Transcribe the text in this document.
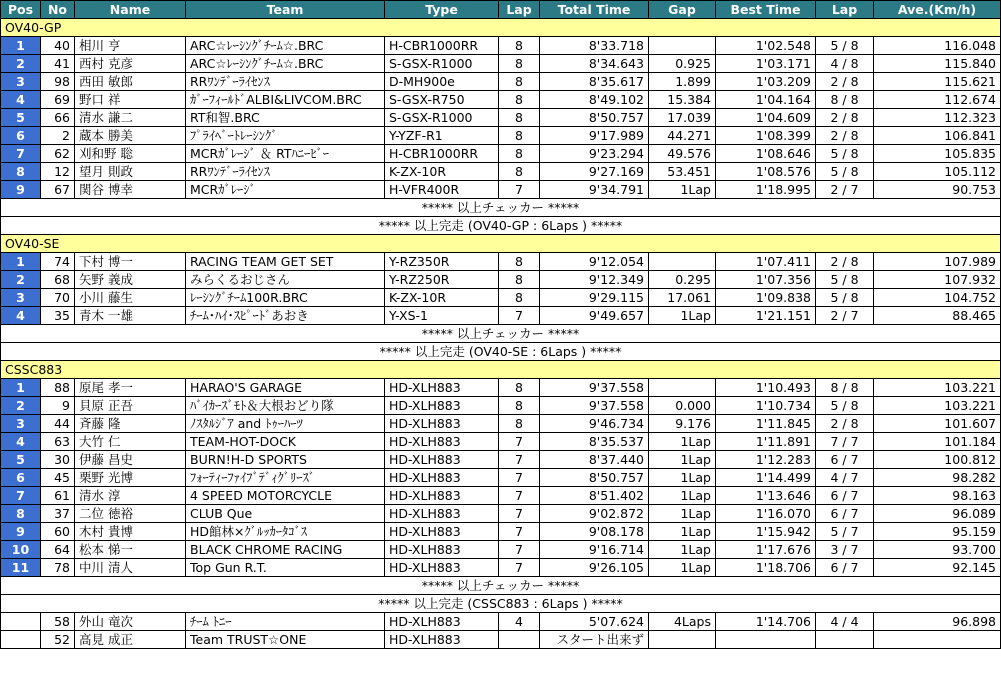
Pos	No	Name	Team	Type	Lap	Total Time	Gap	Best Time	Lap	Ave.(Km/h)
OV40-GP										
1	40	相川 亨	ARC☆ﾚｰｼﾝｸﾞﾁｰﾑ☆.BRC	H-CBR1000RR	8	8'33.718		1'02.548	5 / 8	116.048
2	41	西村 克彦	ARC☆ﾚｰｼﾝｸﾞﾁｰﾑ☆.BRC	S-GSX-R1000	8	8'34.643	0.925	1'03.171	4 / 8	115.840
3	98	西田 敏郎	RRﾜﾝﾃﾞｰﾗｲｾﾝｽ	D-MH900e	8	8'35.617	1.899	1'03.209	2 / 8	115.621
4	69	野口 祥	ｶﾞｰﾌｨｰﾙﾄﾞALBI&LIVCOM.BRC	S-GSX-R750	8	8'49.102	15.384	1'04.164	8 / 8	112.674
5	66	清水 謙二	RT和智.BRC	S-GSX-R1000	8	8'50.757	17.039	1'04.609	2 / 8	112.323
6	2	蔵本 勝美	ﾌﾟﾗｲﾍﾞｰﾄﾚｰｼﾝｸﾞ	Y-YZF-R1	8	9'17.989	44.271	1'08.399	2 / 8	106.841
7	62	刈和野 聡	MCRｶﾞﾚｰｼﾞ ＆ RTﾊﾆｰﾋﾞｰ	H-CBR1000RR	8	9'23.294	49.576	1'08.646	5 / 8	105.835
8	12	望月 則政	RRﾜﾝﾃﾞｰﾗｲｾﾝｽ	K-ZX-10R	8	9'27.169	53.451	1'08.576	5 / 8	105.112
9	67	関谷 博幸	MCRｶﾞﾚｰｼﾞ	H-VFR400R	7	9'34.791	1Lap	1'18.995	2 / 7	90.753
***** 以上チェッカー *****										
***** 以上完走 (OV40-GP : 6Laps ) *****										
OV40-SE										
1	74	下村 博一	RACING TEAM GET SET	Y-RZ350R	8	9'12.054		1'07.411	2 / 8	107.989
2	68	矢野 義成	みらくるおじさん	Y-RZ250R	8	9'12.349	0.295	1'07.356	5 / 8	107.932
3	70	小川 藤生	ﾚｰｼﾝｸﾞﾁｰﾑ100R.BRC	K-ZX-10R	8	9'29.115	17.061	1'09.838	5 / 8	104.752
4	35	青木 一雄	ﾁｰﾑ･ﾊｲ･ｽﾋﾟｰﾄﾞあおき	Y-XS-1	7	9'49.657	1Lap	1'21.151	2 / 7	88.465
***** 以上チェッカー *****										
***** 以上完走 (OV40-SE : 6Laps ) *****										
CSSC883										
1	88	原尾 孝一	HARAO'S GARAGE	HD-XLH883	8	9'37.558		1'10.493	8 / 8	103.221
2	9	貝原 正吾	ﾊﾞｲｶｰｽﾞﾓﾄ＆大根おどり隊	HD-XLH883	8	9'37.558	0.000	1'10.734	5 / 8	103.221
3	44	斉藤 隆	ﾉｽﾀﾙｼﾞｱ and ﾄｩｰﾊｰﾂ	HD-XLH883	8	9'46.734	9.176	1'11.845	2 / 8	101.607
4	63	大竹 仁	TEAM-HOT-DOCK	HD-XLH883	7	8'35.537	1Lap	1'11.891	7 / 7	101.184
5	30	伊藤 昌史	BURN!H-D SPORTS	HD-XLH883	7	8'37.440	1Lap	1'12.283	6 / 7	100.812
6	45	栗野 光博	ﾌｫｰﾃｨｰﾌｧｲﾌﾞﾃﾞｨｸﾞﾘｰｽﾞ	HD-XLH883	7	8'50.757	1Lap	1'14.499	4 / 7	98.282
7	61	清水 淳	4 SPEED MOTORCYCLE	HD-XLH883	7	8'51.402	1Lap	1'13.646	6 / 7	98.163
8	37	二位 徳裕	CLUB Que	HD-XLH883	7	9'02.872	1Lap	1'16.070	6 / 7	96.089
9	60	木村 貴博	HD館林×ｸﾞﾙｯｶｰﾀｺﾞｽ	HD-XLH883	7	9'08.178	1Lap	1'15.942	5 / 7	95.159
10	64	松本 悌一	BLACK CHROME RACING	HD-XLH883	7	9'16.714	1Lap	1'17.676	3 / 7	93.700
11	78	中川 清人	Top Gun R.T.	HD-XLH883	7	9'26.105	1Lap	1'18.706	6 / 7	92.145
***** 以上チェッカー *****										
***** 以上完走 (CSSC883 : 6Laps ) *****										
	58	外山 竜次	ﾁｰﾑ ﾄﾆｰ	HD-XLH883	4	5'07.624	4Laps	1'14.706	4 / 4	96.898
	52	高見 成正	Team TRUST☆ONE	HD-XLH883		スタート出来ず				
